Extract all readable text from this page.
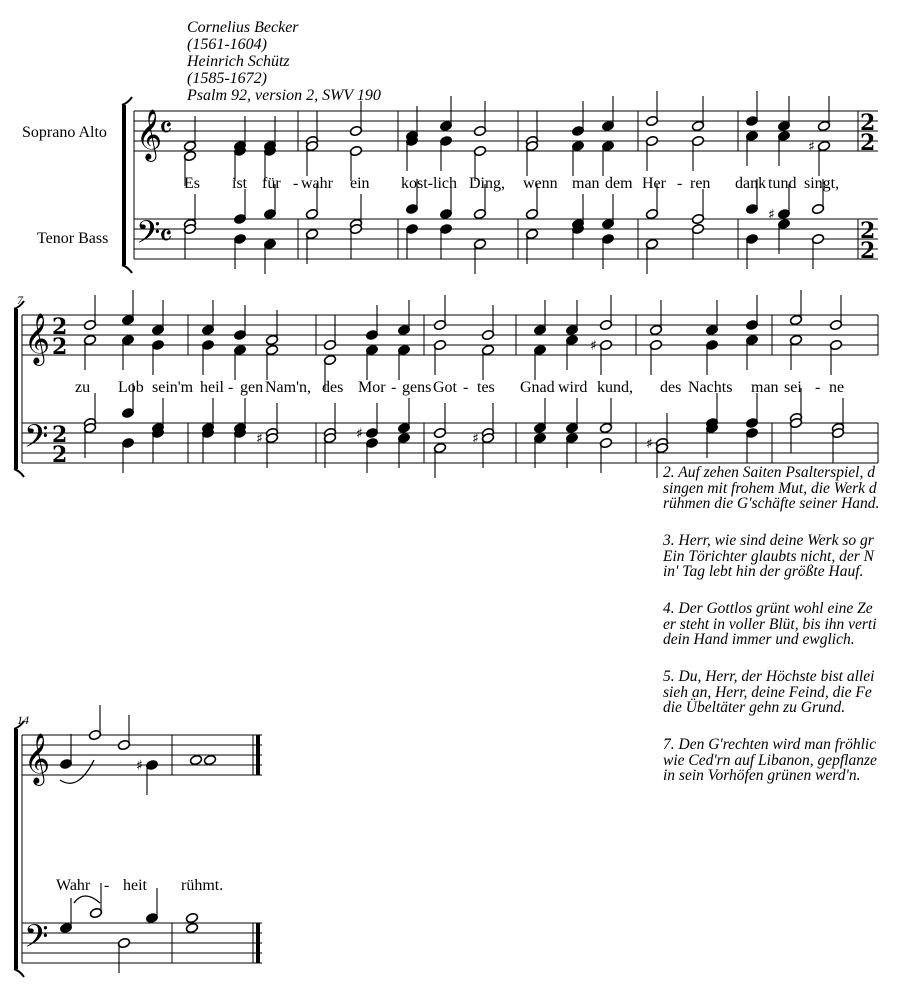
Cornelius Becker
(1561-1604)
Heinrich Schütz
(1585-1672)
Psalm 92, version 2, SWV 190
Soprano Alto
Tenor Bass
7
14
Es ist für - wahr ein kost-lich Ding, wenn man dem Her - ren dank tund singt,
zu Lob sein'm heil - gen Nam'n, des Mor - gens Got - tes Gnad wird kund, des Nachts man sei - ne
Wahr - heit rühmt.
2. Auf zehen Saiten Psalterspiel, d
singen mit frohem Mut, die Werk d
rühmen die G'schäfte seiner Hand.
3. Herr, wie sind deine Werk so gr
Ein Törichter glaubts nicht, der N
in' Tag lebt hin der größte Hauf.
4. Der Gottlos grünt wohl eine Ze
er steht in voller Blüt, bis ihn verti
dein Hand immer und ewglich.
5. Du, Herr, der Höchste bist allei
sieh an, Herr, deine Feind, die Fe
die Übeltäter gehn zu Grund.
7. Den G'rechten wird man fröhlic
wie Ced'rn auf Libanon, gepflanze
in sein Vorhöfen grünen werd'n.
𝄞
𝄴
𝄢
𝄴
2
2
2
2
♯
♯
𝄞 2
2
𝄢 2
2
♯
♯	♯	♯	♯
𝄞
𝄢
♯
